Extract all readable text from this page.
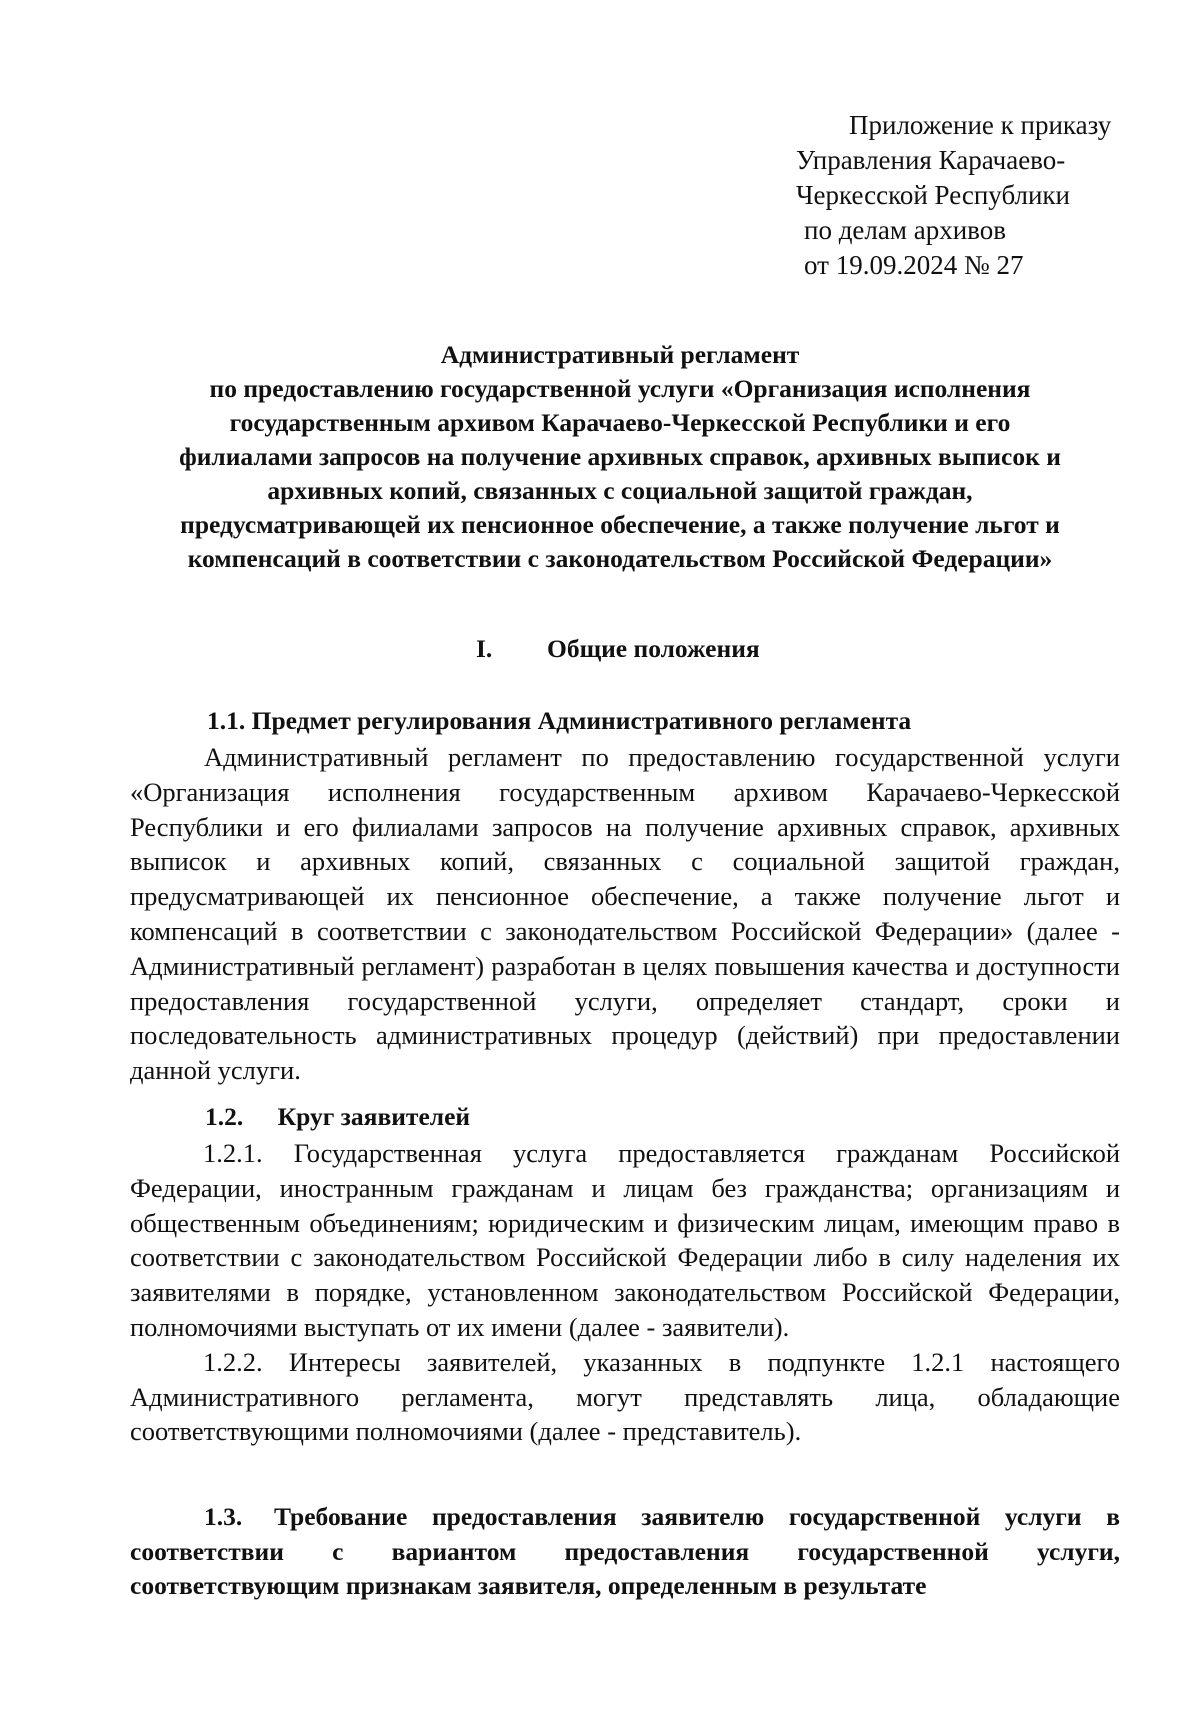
Приложение к приказу
Управления Карачаево-
Черкесской Республики
по делам архивов
от 19.09.2024 № 27
Административный регламент
по предоставлению государственной услуги «Организация исполнения
государственным архивом Карачаево-Черкесской Республики и его
филиалами запросов на получение архивных справок, архивных выписок и
архивных копий, связанных с социальной защитой граждан,
предусматривающей их пенсионное обеспечение, а также получение льгот и
компенсаций в соответствии с законодательством Российской Федерации»
I. Общие положения
1.1. Предмет регулирования Административного регламента

Административный регламент по предоставлению государственной услуги «Организация исполнения государственным архивом Карачаево-Черкесской Республики и его филиалами запросов на получение архивных справок, архивных выписок и архивных копий, связанных с социальной защитой граждан, предусматривающей их пенсионное обеспечение, а также получение льгот и компенсаций в соответствии с законодательством Российской Федерации» (далее - Административный регламент) разработан в целях повышения качества и доступности предоставления государственной услуги, определяет стандарт, сроки и последовательность административных процедур (действий) при предоставлении данной услуги.

1.2. Круг заявителей

1.2.1. Государственная услуга предоставляется гражданам Российской Федерации, иностранным гражданам и лицам без гражданства; организациям и общественным объединениям; юридическим и физическим лицам, имеющим право в соответствии с законодательством Российской Федерации либо в силу наделения их заявителями в порядке, установленном законодательством Российской Федерации, полномочиями выступать от их имени (далее - заявители).

1.2.2. Интересы заявителей, указанных в подпункте 1.2.1 настоящего Административного регламента, могут представлять лица, обладающие соответствующими полномочиями (далее - представитель).

1.3. Требование предоставления заявителю государственной услуги в соответствии с вариантом предоставления государственной услуги, соответствующим признакам заявителя, определенным в результате
